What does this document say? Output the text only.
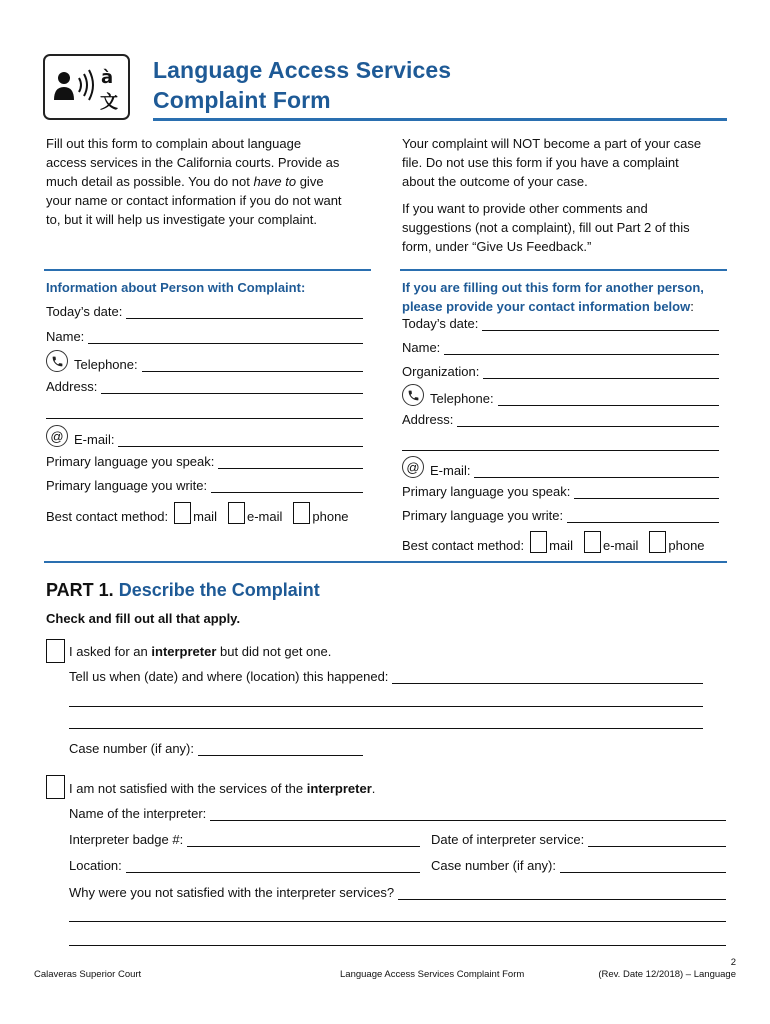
à
文
Language Access Services
Complaint Form
Fill out this form to complain about language
access services in the California courts. Provide as
much detail as possible. You do not have to give
your name or contact information if you do not want
to, but it will help us investigate your complaint.
Your complaint will NOT become a part of your case
file. Do not use this form if you have a complaint
about the outcome of your case.
If you want to provide other comments and
suggestions (not a complaint), fill out Part 2 of this
form, under “Give Us Feedback.”
Information about Person with Complaint:
Today’s date:
Name:
Telephone:
Address:
@ E-mail:
Primary language you speak:
Primary language you write:
Best contact method: mail e-mail phone
If you are filling out this form for another person,
please provide your contact information below:
Today’s date:
Name:
Organization:
Telephone:
Address:
@ E-mail:
Primary language you speak:
Primary language you write:
Best contact method: mail e-mail phone
PART 1. Describe the Complaint
Check and fill out all that apply.
I asked for an interpreter but did not get one.
Tell us when (date) and where (location) this happened:
Case number (if any):
I am not satisfied with the services of the interpreter.
Name of the interpreter:
Interpreter badge #:	Date of interpreter service:
Location:	Case number (if any):
Why were you not satisfied with the interpreter services?
2
Calaveras Superior Court	Language Access Services Complaint Form	(Rev. Date 12/2018) – Language
